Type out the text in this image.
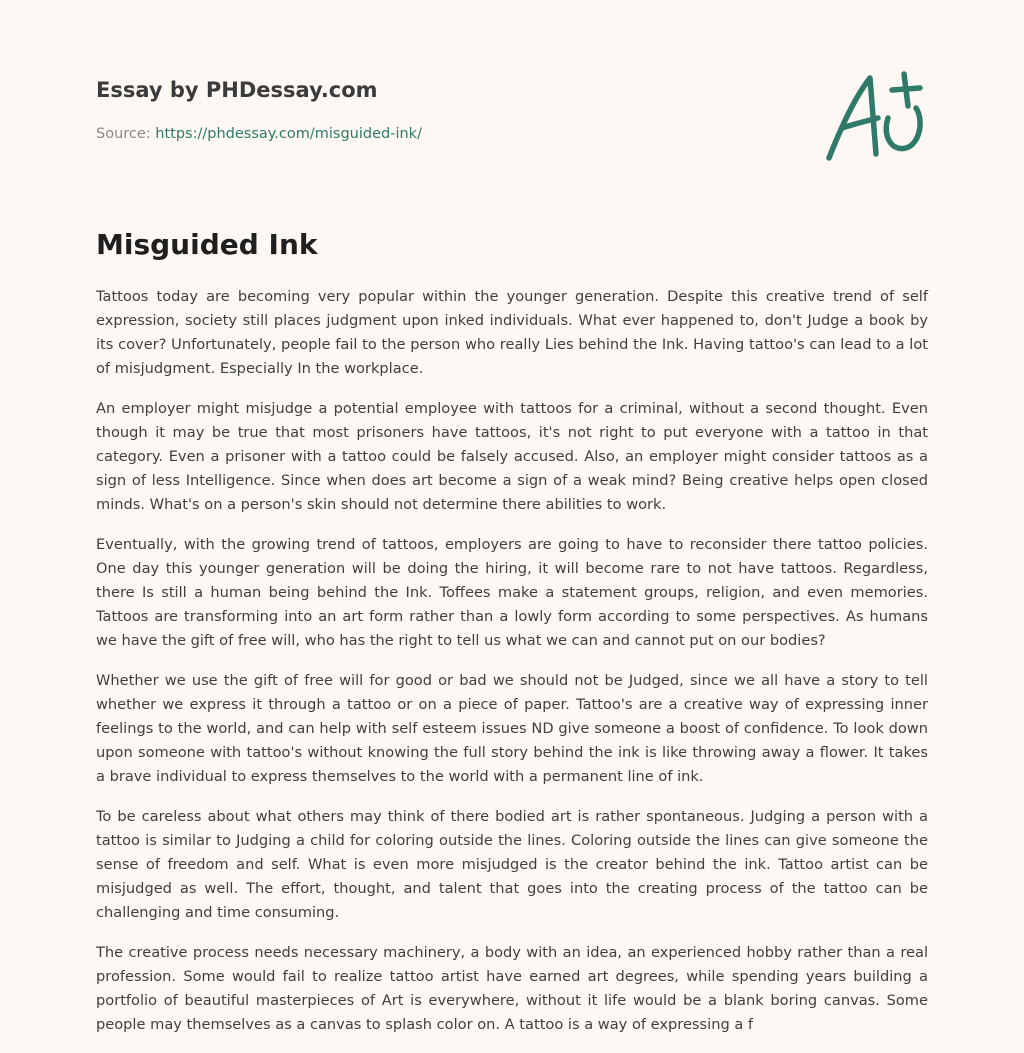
Essay by PHDessay.com
Source: https://phdessay.com/misguided-ink/
Misguided Ink

Tattoos today are becoming very popular within the younger generation. Despite this creative trend of self expression, society still places judgment upon inked individuals. What ever happened to, don't Judge a book by its cover? Unfortunately, people fail to the person who really Lies behind the Ink. Having tattoo's can lead to a lot of misjudgment. Especially In the workplace.

An employer might misjudge a potential employee with tattoos for a criminal, without a second thought. Even though it may be true that most prisoners have tattoos, it's not right to put everyone with a tattoo in that category. Even a prisoner with a tattoo could be falsely accused. Also, an employer might consider tattoos as a sign of less Intelligence. Since when does art become a sign of a weak mind? Being creative helps open closed minds. What's on a person's skin should not determine there abilities to work.

Eventually, with the growing trend of tattoos, employers are going to have to reconsider there tattoo policies. One day this younger generation will be doing the hiring, it will become rare to not have tattoos. Regardless, there Is still a human being behind the Ink. Toffees make a statement groups, religion, and even memories. Tattoos are transforming into an art form rather than a lowly form according to some perspectives. As humans we have the gift of free will, who has the right to tell us what we can and cannot put on our bodies?

Whether we use the gift of free will for good or bad we should not be Judged, since we all have a story to tell whether we express it through a tattoo or on a piece of paper. Tattoo's are a creative way of expressing inner feelings to the world, and can help with self esteem issues ND give someone a boost of confidence. To look down upon someone with tattoo's without knowing the full story behind the ink is like throwing away a flower. It takes a brave individual to express themselves to the world with a permanent line of ink.

To be careless about what others may think of there bodied art is rather spontaneous. Judging a person with a tattoo is similar to Judging a child for coloring outside the lines. Coloring outside the lines can give someone the sense of freedom and self. What is even more misjudged is the creator behind the ink. Tattoo artist can be misjudged as well. The effort, thought, and talent that goes into the creating process of the tattoo can be challenging and time consuming.

The creative process needs necessary machinery, a body with an idea, an experienced hobby rather than a real profession. Some would fail to realize tattoo artist have earned art degrees, while spending years building a portfolio of beautiful masterpieces of Art is everywhere, without it life would be a blank boring canvas. Some people may themselves as a canvas to splash color on. A tattoo is a way of expressing a f
